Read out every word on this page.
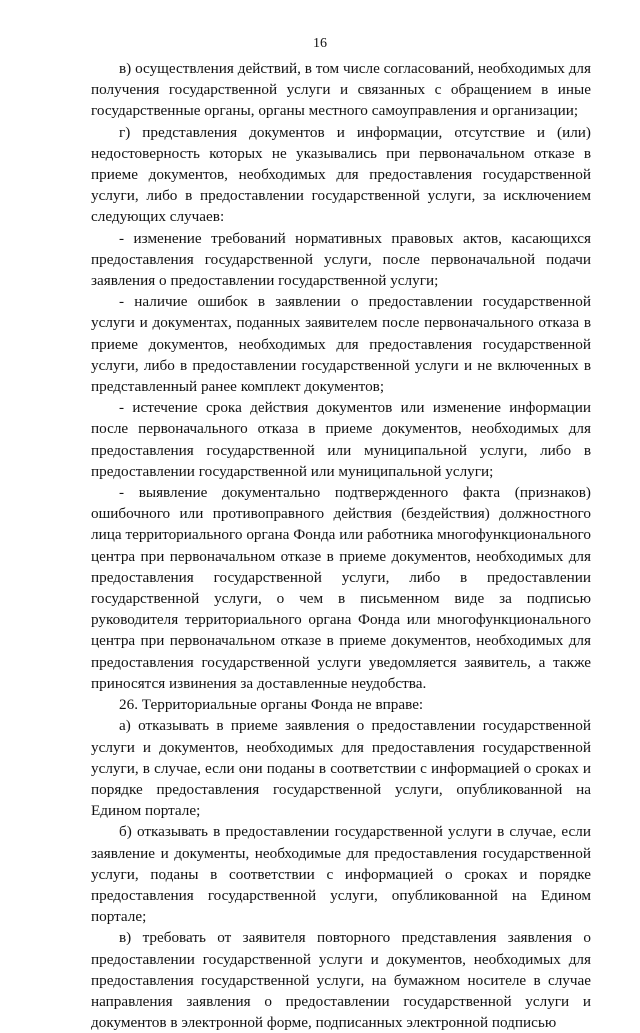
16

в) осуществления действий, в том числе согласований, необходимых для получения государственной услуги и связанных с обращением в иные государственные органы, органы местного самоуправления и организации;

г) представления документов и информации, отсутствие и (или) недостоверность которых не указывались при первоначальном отказе в приеме документов, необходимых для предоставления государственной услуги, либо в предоставлении государственной услуги, за исключением следующих случаев:

- изменение требований нормативных правовых актов, касающихся предоставления государственной услуги, после первоначальной подачи заявления о предоставлении государственной услуги;

- наличие ошибок в заявлении о предоставлении государственной услуги и документах, поданных заявителем после первоначального отказа в приеме документов, необходимых для предоставления государственной услуги, либо в предоставлении государственной услуги и не включенных в представленный ранее комплект документов;

- истечение срока действия документов или изменение информации после первоначального отказа в приеме документов, необходимых для предоставления государственной или муниципальной услуги, либо в предоставлении государственной или муниципальной услуги;

- выявление документально подтвержденного факта (признаков) ошибочного или противоправного действия (бездействия) должностного лица территориального органа Фонда или работника многофункционального центра при первоначальном отказе в приеме документов, необходимых для предоставления государственной услуги, либо в предоставлении государственной услуги, о чем в письменном виде за подписью руководителя территориального органа Фонда или многофункционального центра при первоначальном отказе в приеме документов, необходимых для предоставления государственной услуги уведомляется заявитель, а также приносятся извинения за доставленные неудобства.

26. Территориальные органы Фонда не вправе:

а) отказывать в приеме заявления о предоставлении государственной услуги и документов, необходимых для предоставления государственной услуги, в случае, если они поданы в соответствии с информацией о сроках и порядке предоставления государственной услуги, опубликованной на Едином портале;

б) отказывать в предоставлении государственной услуги в случае, если заявление и документы, необходимые для предоставления государственной услуги, поданы в соответствии с информацией о сроках и порядке предоставления государственной услуги, опубликованной на Едином портале;

в) требовать от заявителя повторного представления заявления о предоставлении государственной услуги и документов, необходимых для предоставления государственной услуги, на бумажном носителе в случае направления заявления о предоставлении государственной услуги и документов в электронной форме, подписанных электронной подписью
